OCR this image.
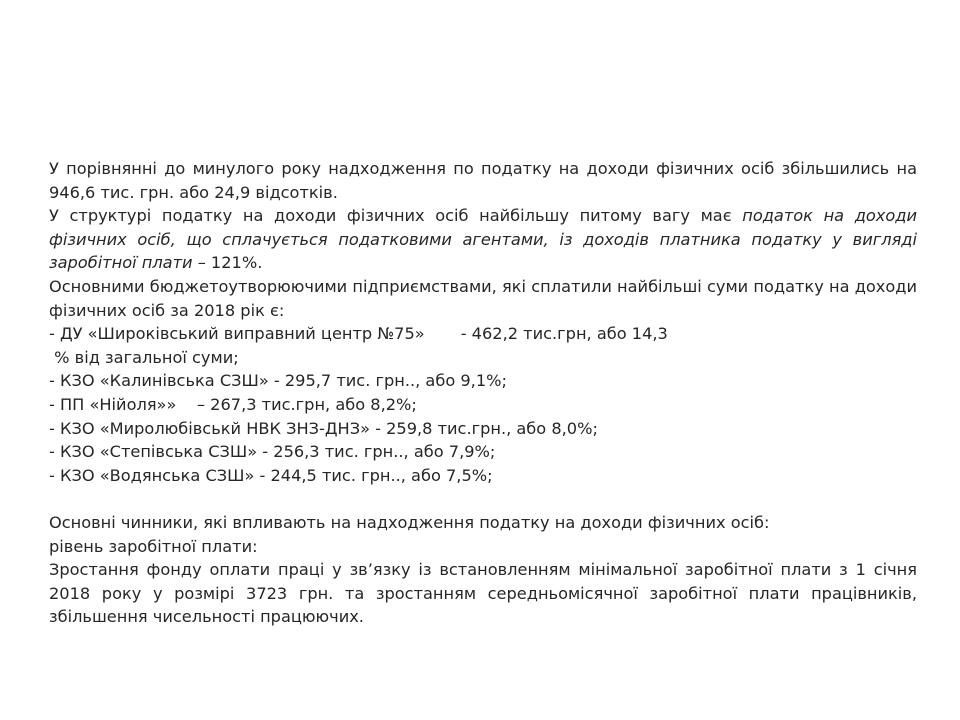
У порівнянні до минулого року надходження по податку на доходи фізичних осіб збільшились на 946,6 тис. грн. або 24,9 відсотків.

У структурі податку на доходи фізичних осіб найбільшу питому вагу має податок на доходи фізичних осіб, що сплачується податковими агентами, із доходів платника податку у вигляді заробітної плати – 121%.

Основними бюджетоутворюючими підприємствами, які сплатили найбільші суми податку на доходи фізичних осіб за 2018 рік є:

- ДУ «Широківський виправний центр №75»       - 462,2 тис.грн, або 14,3

% від загальної суми;

- КЗО «Калинівська СЗШ» - 295,7 тис. грн.., або 9,1%;

- ПП «Нійоля»»    – 267,3 тис.грн, або 8,2%;

- КЗО «Миролюбівськй НВК ЗНЗ-ДНЗ» - 259,8 тис.грн., або 8,0%;

- КЗО «Степівська СЗШ» - 256,3 тис. грн.., або 7,9%;

- КЗО «Водянська СЗШ» - 244,5 тис. грн.., або 7,5%;

Основні чинники, які впливають на надходження податку на доходи фізичних осіб:

рівень заробітної плати:

Зростання фонду оплати праці у зв’язку із встановленням мінімальної заробітної плати з 1 січня 2018 року у розмірі 3723 грн. та зростанням середньомісячної заробітної плати працівників, збільшення чисельності працюючих.
